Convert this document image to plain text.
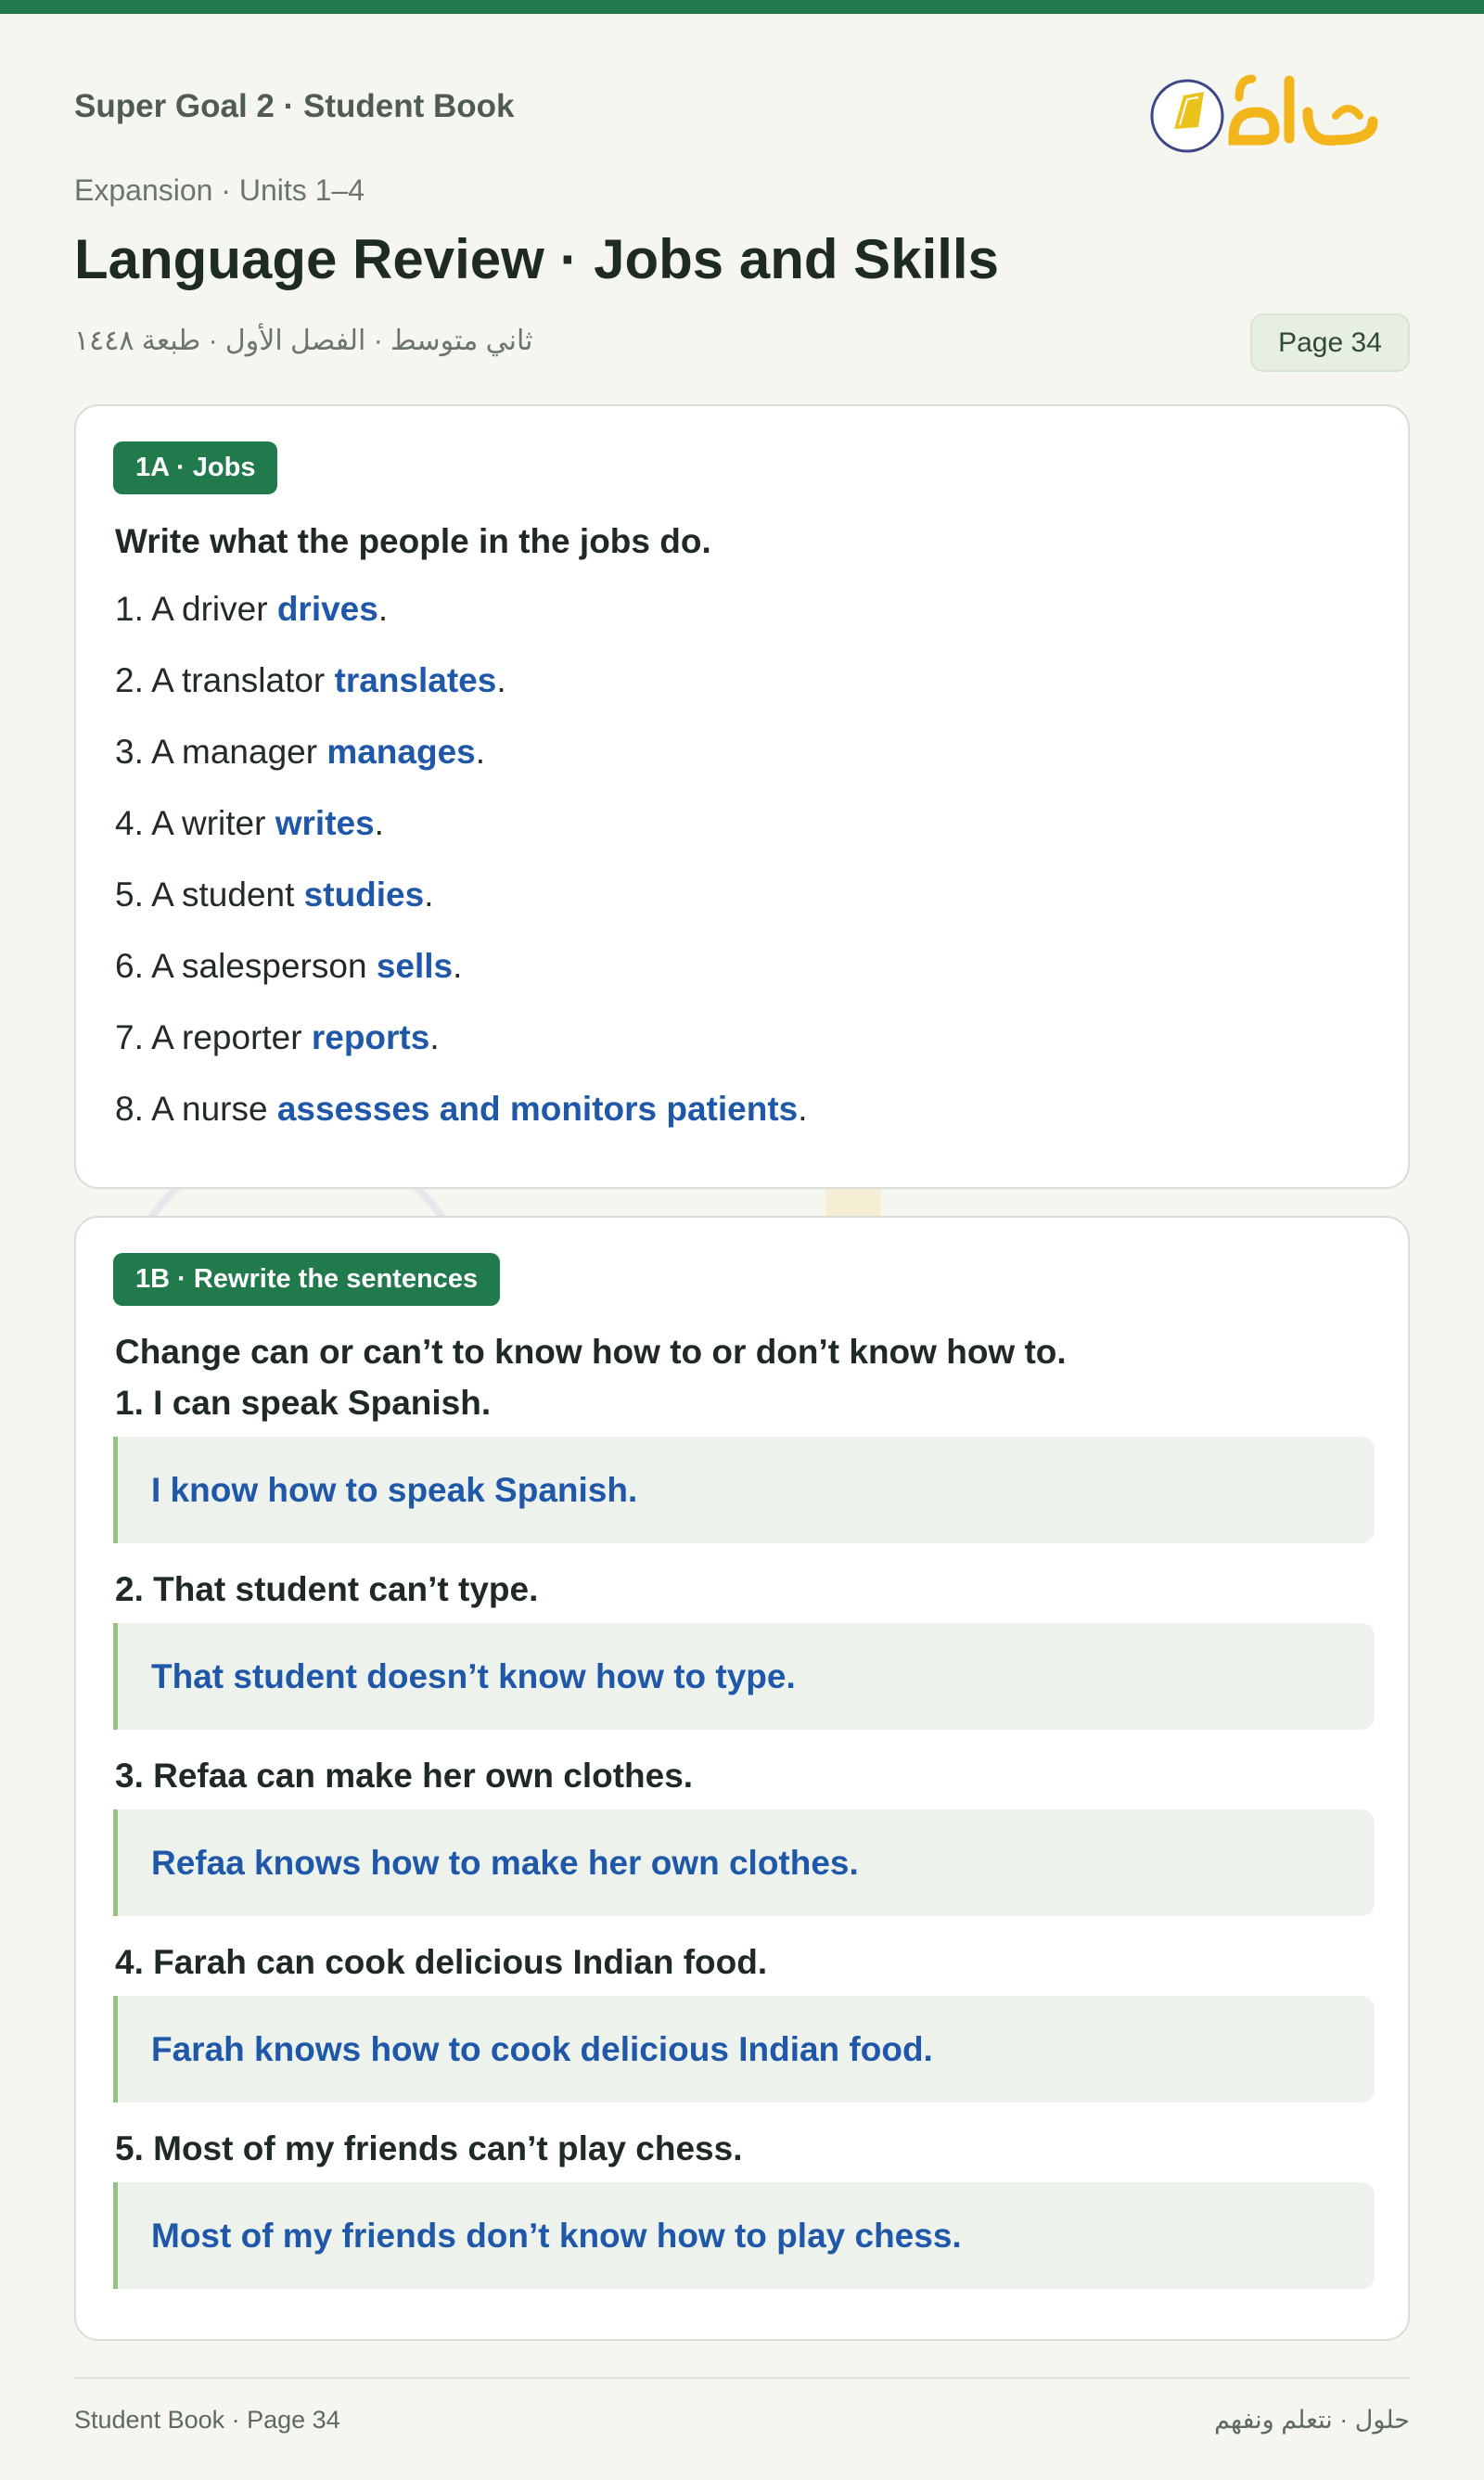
Super Goal 2 · Student Book
Expansion · Units 1–4
Language Review · Jobs and Skills
ثاني متوسط · الفصل الأول · طبعة ١٤٤٨	Page 34
1A · Jobs
Write what the people in the jobs do.
1. A driver drives.
2. A translator translates.
3. A manager manages.
4. A writer writes.
5. A student studies.
6. A salesperson sells.
7. A reporter reports.
8. A nurse assesses and monitors patients.
1B · Rewrite the sentences
Change can or can’t to know how to or don’t know how to.
1. I can speak Spanish.
I know how to speak Spanish.
2. That student can’t type.
That student doesn’t know how to type.
3. Refaa can make her own clothes.
Refaa knows how to make her own clothes.
4. Farah can cook delicious Indian food.
Farah knows how to cook delicious Indian food.
5. Most of my friends can’t play chess.
Most of my friends don’t know how to play chess.
Student Book · Page 34	حلول · نتعلم ونفهم
